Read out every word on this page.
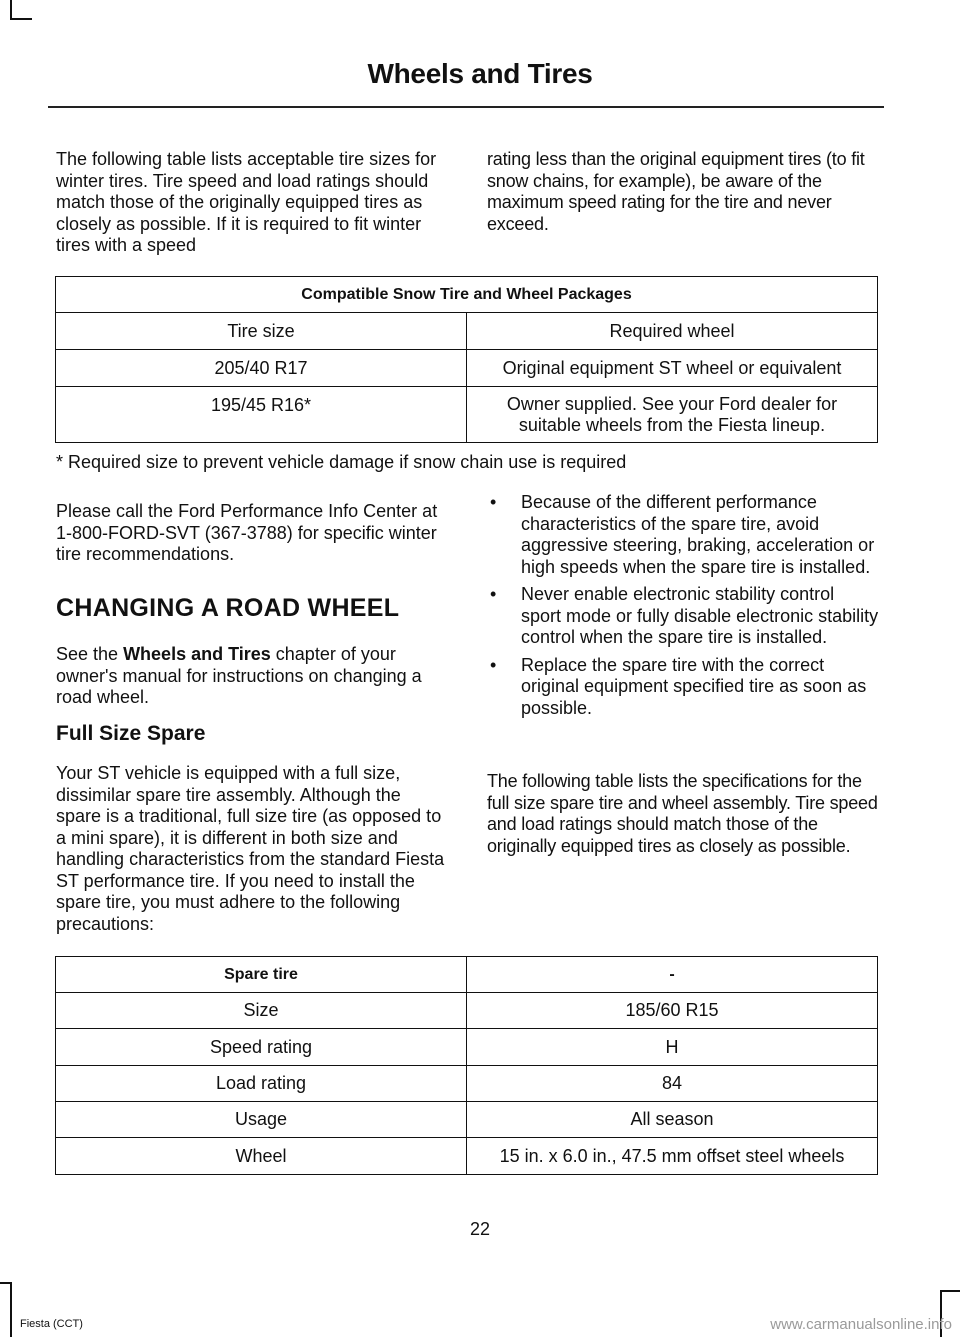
Wheels and Tires

The following table lists acceptable tire sizes for winter tires. Tire speed and load ratings should match those of the originally equipped tires as closely as possible. If it is required to fit winter tires with a speed

rating less than the original equipment tires (to fit snow chains, for example), be aware of the maximum speed rating for the tire and never exceed.

Compatible Snow Tire and Wheel Packages	
Tire size	Required wheel
205/40 R17	Original equipment ST wheel or equivalent
195/45 R16*	Owner supplied. See your Ford dealer for suitable wheels from the Fiesta lineup.
* Required size to prevent vehicle damage if snow chain use is required

Please call the Ford Performance Info Center at 1-800-FORD-SVT (367-3788) for specific winter tire recommendations.

CHANGING A ROAD WHEEL

See the Wheels and Tires chapter of your owner's manual for instructions on changing a road wheel.

Full Size Spare

Your ST vehicle is equipped with a full size, dissimilar spare tire assembly. Although the spare is a traditional, full size tire (as opposed to a mini spare), it is different in both size and handling characteristics from the standard Fiesta ST performance tire. If you need to install the spare tire, you must adhere to the following precautions:

• Because of the different performance characteristics of the spare tire, avoid aggressive steering, braking, acceleration or high speeds when the spare tire is installed.
• Never enable electronic stability control sport mode or fully disable electronic stability control when the spare tire is installed.
• Replace the spare tire with the correct original equipment specified tire as soon as possible.

The following table lists the specifications for the full size spare tire and wheel assembly. Tire speed and load ratings should match those of the originally equipped tires as closely as possible.

Spare tire	-
Size	185/60 R15
Speed rating	H
Load rating	84
Usage	All season
Wheel	15 in. x 6.0 in., 47.5 mm offset steel wheels
22
Fiesta (CCT)	www.carmanualsonline.info
